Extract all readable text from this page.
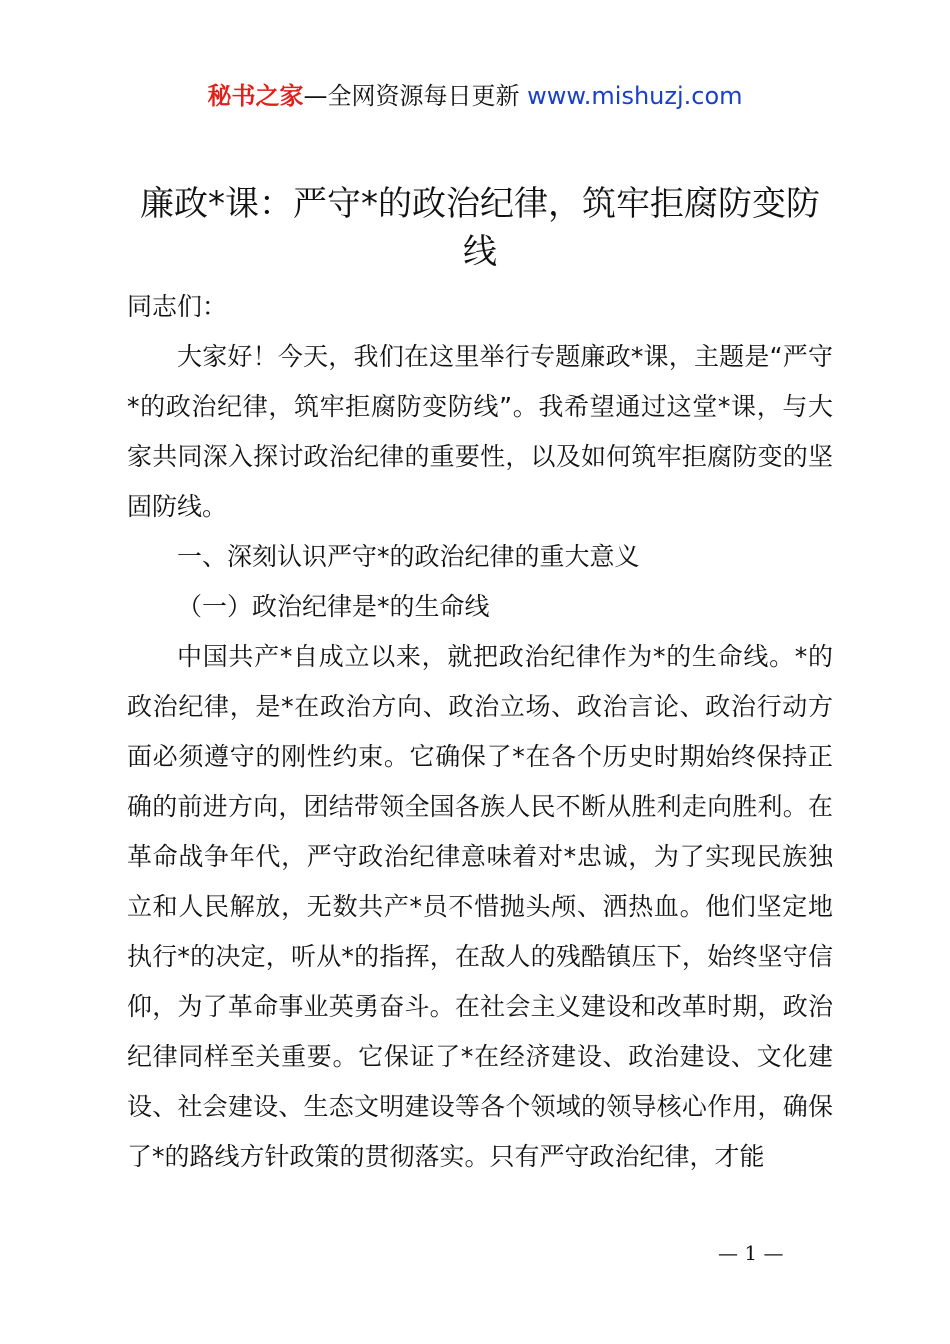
秘书之家—全网资源每日更新 www.mishuzj.com
廉政*课：严守*的政治纪律，筑牢拒腐防变防线

同志们：

大家好！今天，我们在这里举行专题廉政*课，主题是“严守*的政治纪律，筑牢拒腐防变防线”。我希望通过这堂*课，与大家共同深入探讨政治纪律的重要性，以及如何筑牢拒腐防变的坚固防线。

一、深刻认识严守*的政治纪律的重大意义

（一）政治纪律是*的生命线

中国共产*自成立以来，就把政治纪律作为*的生命线。*的政治纪律，是*在政治方向、政治立场、政治言论、政治行动方面必须遵守的刚性约束。它确保了*在各个历史时期始终保持正确的前进方向，团结带领全国各族人民不断从胜利走向胜利。在革命战争年代，严守政治纪律意味着对*忠诚，为了实现民族独立和人民解放，无数共产*员不惜抛头颅、洒热血。他们坚定地执行*的决定，听从*的指挥，在敌人的残酷镇压下，始终坚守信仰，为了革命事业英勇奋斗。在社会主义建设和改革时期，政治纪律同样至关重要。它保证了*在经济建设、政治建设、文化建设、社会建设、生态文明建设等各个领域的领导核心作用，确保了*的路线方针政策的贯彻落实。只有严守政治纪律，才能

— 1 —
